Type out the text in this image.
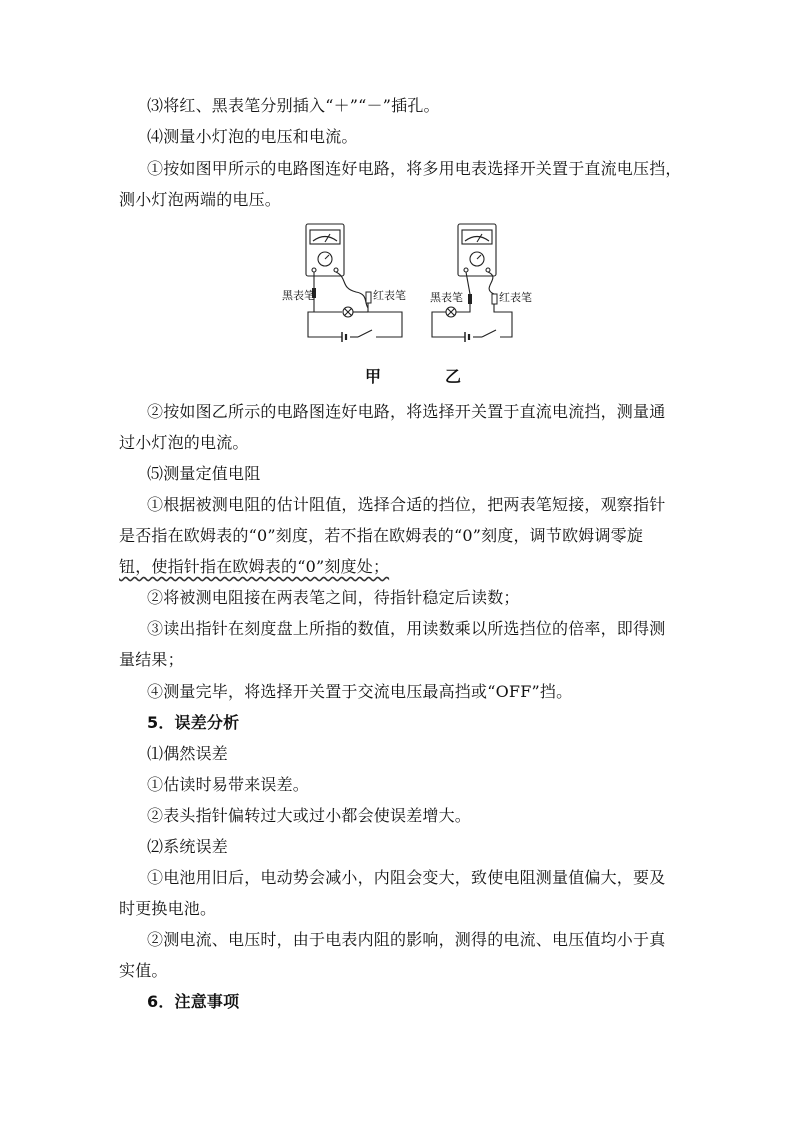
⑶将红、黑表笔分别插入“＋”“－”插孔。
⑷测量小灯泡的电压和电流。
①按如图甲所示的电路图连好电路，将多用电表选择开关置于直流电压挡，
测小灯泡两端的电压。
黑表笔	红表笔 黑表笔	红表笔
甲	乙
②按如图乙所示的电路图连好电路，将选择开关置于直流电流挡，测量通
过小灯泡的电流。
⑸测量定值电阻
①根据被测电阻的估计阻值，选择合适的挡位，把两表笔短接，观察指针
是否指在欧姆表的“0”刻度，若不指在欧姆表的“0”刻度，调节欧姆调零旋
钮，使指针指在欧姆表的“0”刻度处；
②将被测电阻接在两表笔之间，待指针稳定后读数；
③读出指针在刻度盘上所指的数值，用读数乘以所选挡位的倍率，即得测
量结果；
④测量完毕，将选择开关置于交流电压最高挡或“OFF”挡。
5．误差分析
⑴偶然误差
①估读时易带来误差。
②表头指针偏转过大或过小都会使误差增大。
⑵系统误差
①电池用旧后，电动势会减小，内阻会变大，致使电阻测量值偏大，要及
时更换电池。
②测电流、电压时，由于电表内阻的影响，测得的电流、电压值均小于真
实值。
6．注意事项
